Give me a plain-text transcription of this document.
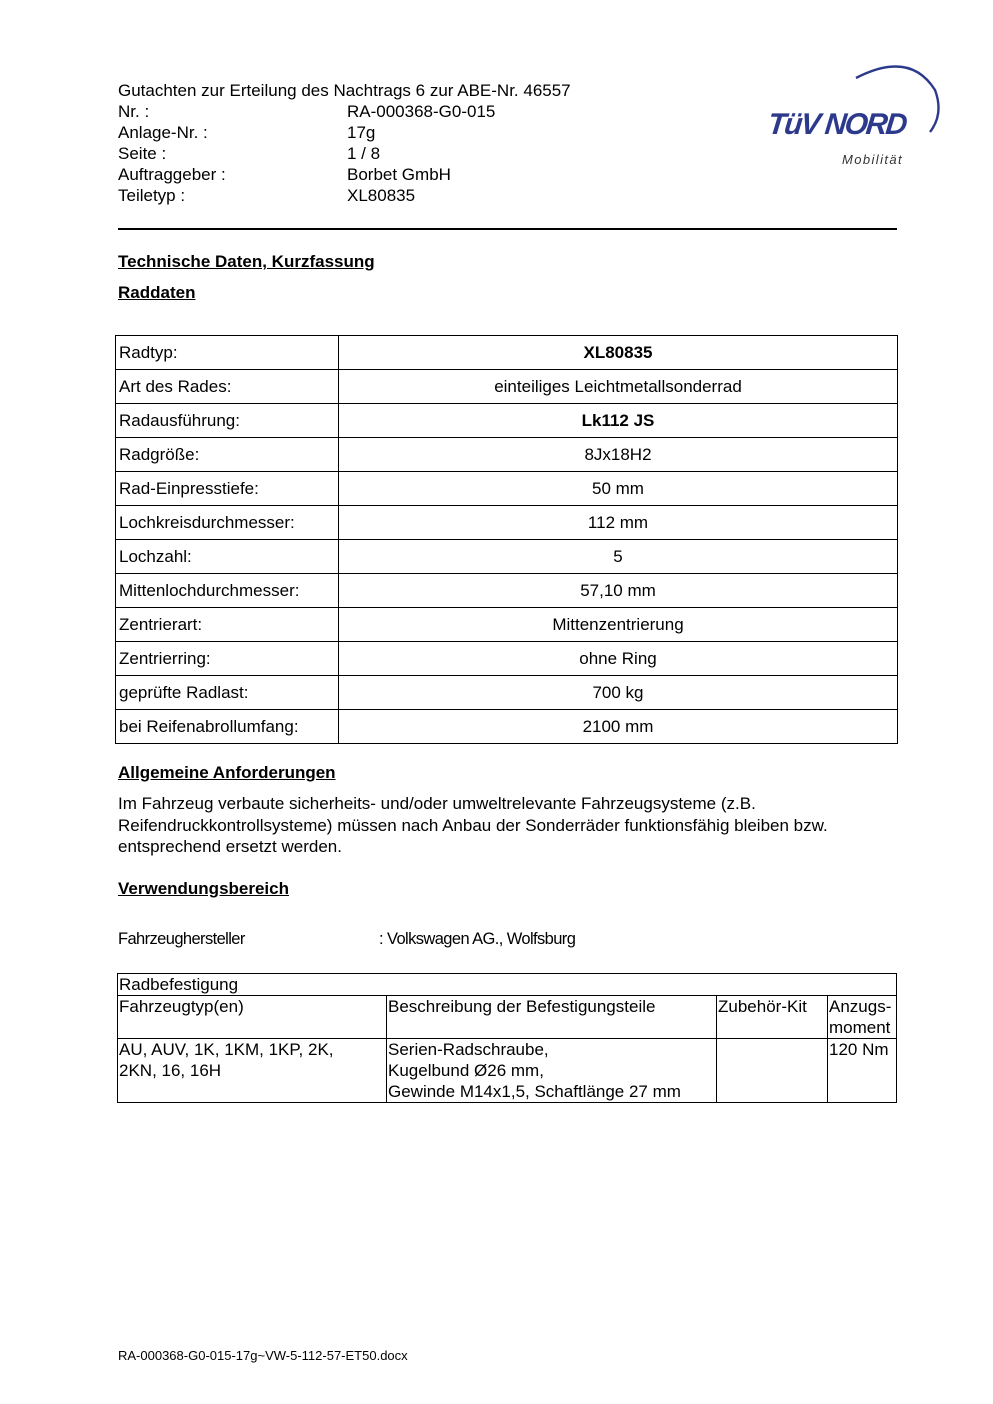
Gutachten zur Erteilung des Nachtrags 6 zur ABE-Nr. 46557
Nr. :	RA-000368-G0-015
Anlage-Nr. :	17g
Seite :	1 / 8
Auftraggeber :	Borbet GmbH
Teiletyp :	XL80835
TüV NORD
Mobilität
Technische Daten, Kurzfassung
Raddaten
Radtyp:	XL80835
Art des Rades:	einteiliges Leichtmetallsonderrad
Radausführung:	Lk112 JS
Radgröße:	8Jx18H2
Rad-Einpresstiefe:	50 mm
Lochkreisdurchmesser:	112 mm
Lochzahl:	5
Mittenlochdurchmesser:	57,10 mm
Zentrierart:	Mittenzentrierung
Zentrierring:	ohne Ring
geprüfte Radlast:	700 kg
bei Reifenabrollumfang:	2100 mm
Allgemeine Anforderungen
Im Fahrzeug verbaute sicherheits- und/oder umweltrelevante Fahrzeugsysteme (z.B. Reifendruckkontrollsysteme) müssen nach Anbau der Sonderräder funktionsfähig bleiben bzw. entsprechend ersetzt werden.
Verwendungsbereich
Fahrzeughersteller	: Volkswagen AG., Wolfsburg
Radbefestigung			
Fahrzeugtyp(en)	Beschreibung der Befestigungsteile	Zubehör-Kit	Anzugs-
moment
AU, AUV, 1K, 1KM, 1KP, 2K,
2KN, 16, 16H	Serien-Radschraube,
Kugelbund Ø26 mm,
Gewinde M14x1,5, Schaftlänge 27 mm		120 Nm
RA-000368-G0-015-17g~VW-5-112-57-ET50.docx
